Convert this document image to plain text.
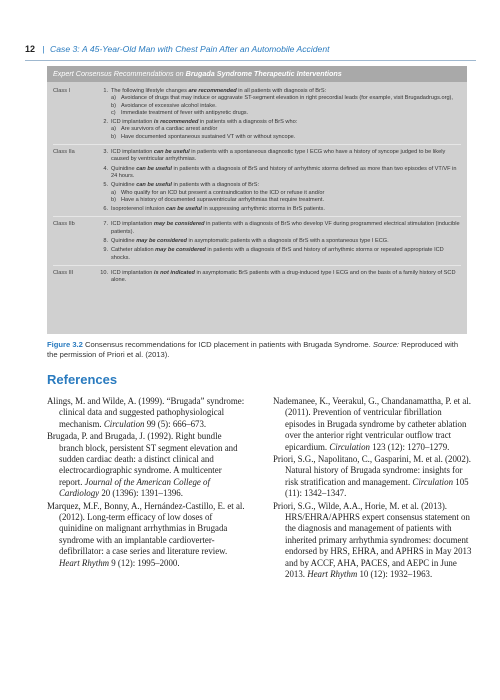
12 | Case 3: A 45-Year-Old Man with Chest Pain After an Automobile Accident
Expert Consensus Recommendations on Brugada Syndrome Therapeutic Interventions
Class I	1. The following lifestyle changes are recommended in all patients with diagnosis of BrS:
a) Avoidance of drugs that may induce or aggravate ST-segment elevation in right precordial leads (for example, visit Brugadadrugs.org),
b) Avoidance of excessive alcohol intake.
c) Immediate treatment of fever with antipyretic drugs.
2. ICD implantation is recommended in patients with a diagnosis of BrS who:
a) Are survivors of a cardiac arrest and/or
b) Have documented spontaneous sustained VT with or without syncope.
Class IIa	3. ICD implantation can be useful in patients with a spontaneous diagnostic type I ECG who have a history of syncope judged to be likely caused by ventricular arrhythmias.
4. Quinidine can be useful in patients with a diagnosis of BrS and history of arrhythmic storms defined as more than two episodes of VT/VF in 24 hours.
5. Quinidine can be useful in patients with a diagnosis of BrS:
a) Who qualify for an ICD but present a contraindication to the ICD or refuse it and/or
b) Have a history of documented supraventricular arrhythmias that require treatment.
6. Isoproterenol infusion can be useful in suppressing arrhythmic storms in BrS patients.
Class IIb	7. ICD implantation may be considered in patients with a diagnosis of BrS who develop VF during programmed electrical stimulation (inducible patients).
8. Quinidine may be considered in asymptomatic patients with a diagnosis of BrS with a spontaneous type I ECG.
9. Catheter ablation may be considered in patients with a diagnosis of BrS and history of arrhythmic storms or repeated appropriate ICD shocks.
Class III	10. ICD implantation is not indicated in asymptomatic BrS patients with a drug-induced type I ECG and on the basis of a family history of SCD alone.
Figure 3.2 Consensus recommendations for ICD placement in patients with Brugada Syndrome. Source: Reproduced with the permission of Priori et al. (2013).
References
Alings, M. and Wilde, A. (1999). “Brugada” syndrome: clinical data and suggested pathophysiological mechanism. Circulation 99 (5): 666–673.
Brugada, P. and Brugada, J. (1992). Right bundle branch block, persistent ST segment elevation and sudden cardiac death: a distinct clinical and electrocardiographic syndrome. A multicenter report. Journal of the American College of Cardiology 20 (1396): 1391–1396.
Marquez, M.F., Bonny, A., Hernández-Castillo, E. et al. (2012). Long-term efficacy of low doses of quinidine on malignant arrhythmias in Brugada syndrome with an implantable cardioverter-defibrillator: a case series and literature review. Heart Rhythm 9 (12): 1995–2000.
Nademanee, K., Veerakul, G., Chandanamattha, P. et al. (2011). Prevention of ventricular fibrillation episodes in Brugada syndrome by catheter ablation over the anterior right ventricular outflow tract epicardium. Circulation 123 (12): 1270–1279.
Priori, S.G., Napolitano, C., Gasparini, M. et al. (2002). Natural history of Brugada syndrome: insights for risk stratification and management. Circulation 105 (11): 1342–1347.
Priori, S.G., Wilde, A.A., Horie, M. et al. (2013). HRS/EHRA/APHRS expert consensus statement on the diagnosis and management of patients with inherited primary arrhythmia syndromes: document endorsed by HRS, EHRA, and APHRS in May 2013 and by ACCF, AHA, PACES, and AEPC in June 2013. Heart Rhythm 10 (12): 1932–1963.
